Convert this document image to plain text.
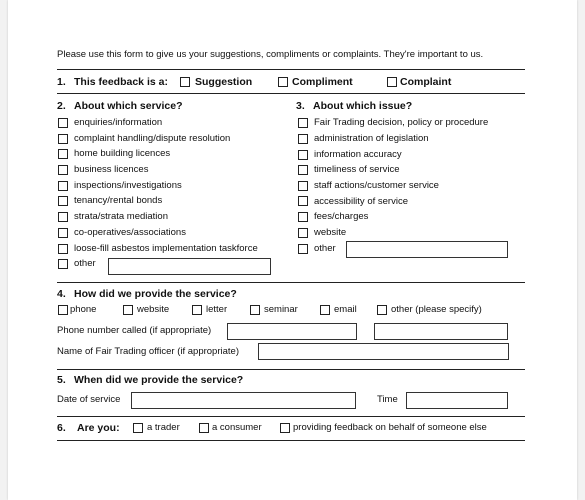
Please use this form to give us your suggestions, compliments or complaints. They're important to us.
1. This feedback is a:	Suggestion	Compliment	Complaint
2. About which service?
enquiries/information
complaint handling/dispute resolution
home building licences
business licences
inspections/investigations
tenancy/rental bonds
strata/strata mediation
co-operatives/associations
loose-fill asbestos implementation taskforce
other
3. About which issue?
Fair Trading decision, policy or procedure
administration of legislation
information accuracy
timeliness of service
staff actions/customer service
accessibility of service
fees/charges
website
other
4. How did we provide the service?
phone	website	letter	seminar	email	other (please specify)
Phone number called (if appropriate)
Name of Fair Trading officer (if appropriate)
5. When did we provide the service?
Date of service	Time
6. Are you:	a trader	a consumer	providing feedback on behalf of someone else
